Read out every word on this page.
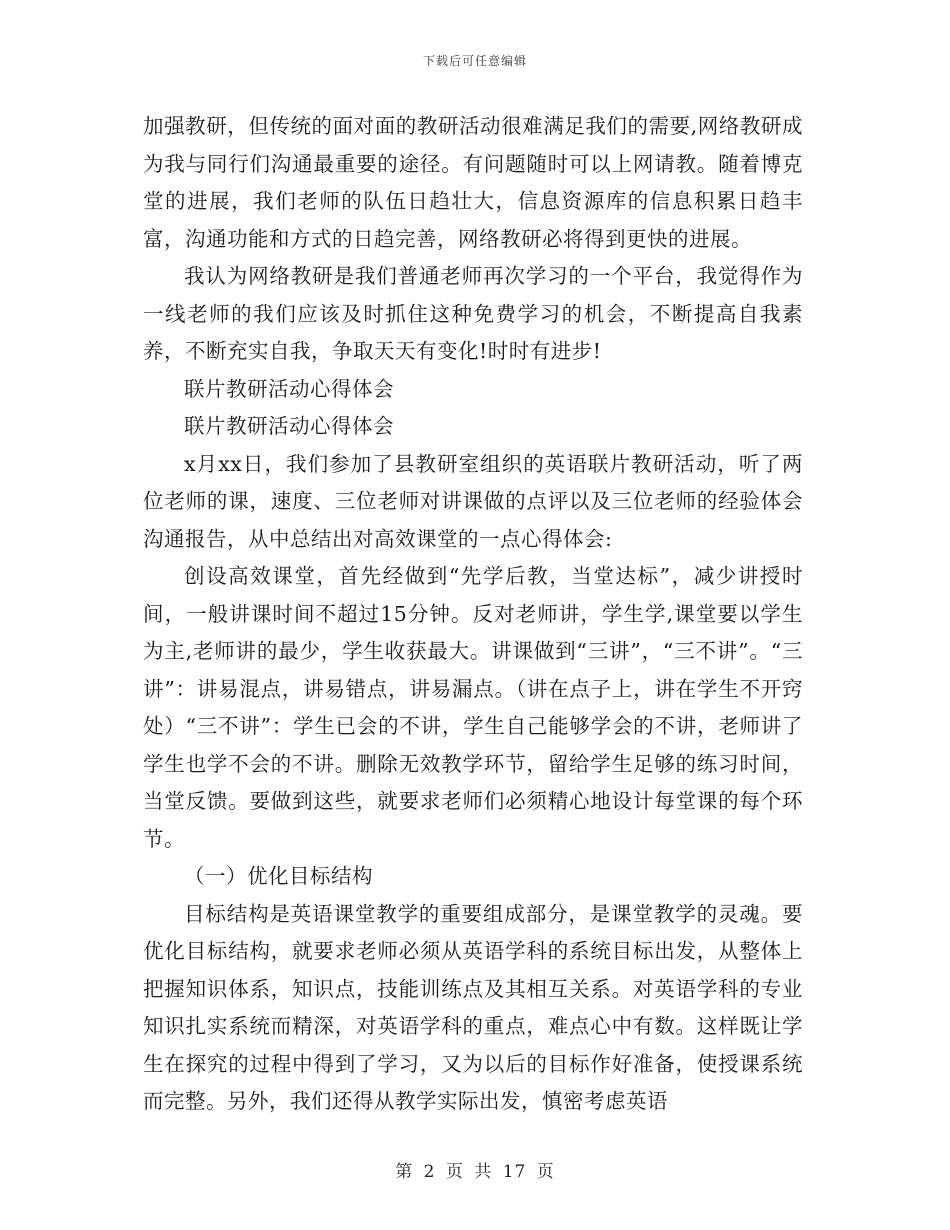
下载后可任意编辑

加强教研，但传统的面对面的教研活动很难满足我们的需要,网络教研成为我与同行们沟通最重要的途径。有问题随时可以上网请教。随着博克堂的进展，我们老师的队伍日趋壮大，信息资源库的信息积累日趋丰富，沟通功能和方式的日趋完善，网络教研必将得到更快的进展。

我认为网络教研是我们普通老师再次学习的一个平台，我觉得作为一线老师的我们应该及时抓住这种免费学习的机会，不断提高自我素养，不断充实自我，争取天天有变化!时时有进步!

联片教研活动心得体会

联片教研活动心得体会

x月xx日，我们参加了县教研室组织的英语联片教研活动，听了两位老师的课，速度、三位老师对讲课做的点评以及三位老师的经验体会沟通报告，从中总结出对高效课堂的一点心得体会:

创设高效课堂，首先经做到“先学后教，当堂达标”，减少讲授时间，一般讲课时间不超过15分钟。反对老师讲，学生学,课堂要以学生为主,老师讲的最少，学生收获最大。讲课做到“三讲”，“三不讲”。“三讲”：讲易混点，讲易错点，讲易漏点。（讲在点子上，讲在学生不开窍处）“三不讲”：学生已会的不讲，学生自己能够学会的不讲，老师讲了学生也学不会的不讲。删除无效教学环节，留给学生足够的练习时间，当堂反馈。要做到这些，就要求老师们必须精心地设计每堂课的每个环节。

（一）优化目标结构

目标结构是英语课堂教学的重要组成部分，是课堂教学的灵魂。要优化目标结构，就要求老师必须从英语学科的系统目标出发，从整体上把握知识体系，知识点，技能训练点及其相互关系。对英语学科的专业知识扎实系统而精深，对英语学科的重点，难点心中有数。这样既让学生在探究的过程中得到了学习，又为以后的目标作好准备，使授课系统而完整。另外，我们还得从教学实际出发，慎密考虑英语

第 2 页 共 17 页
